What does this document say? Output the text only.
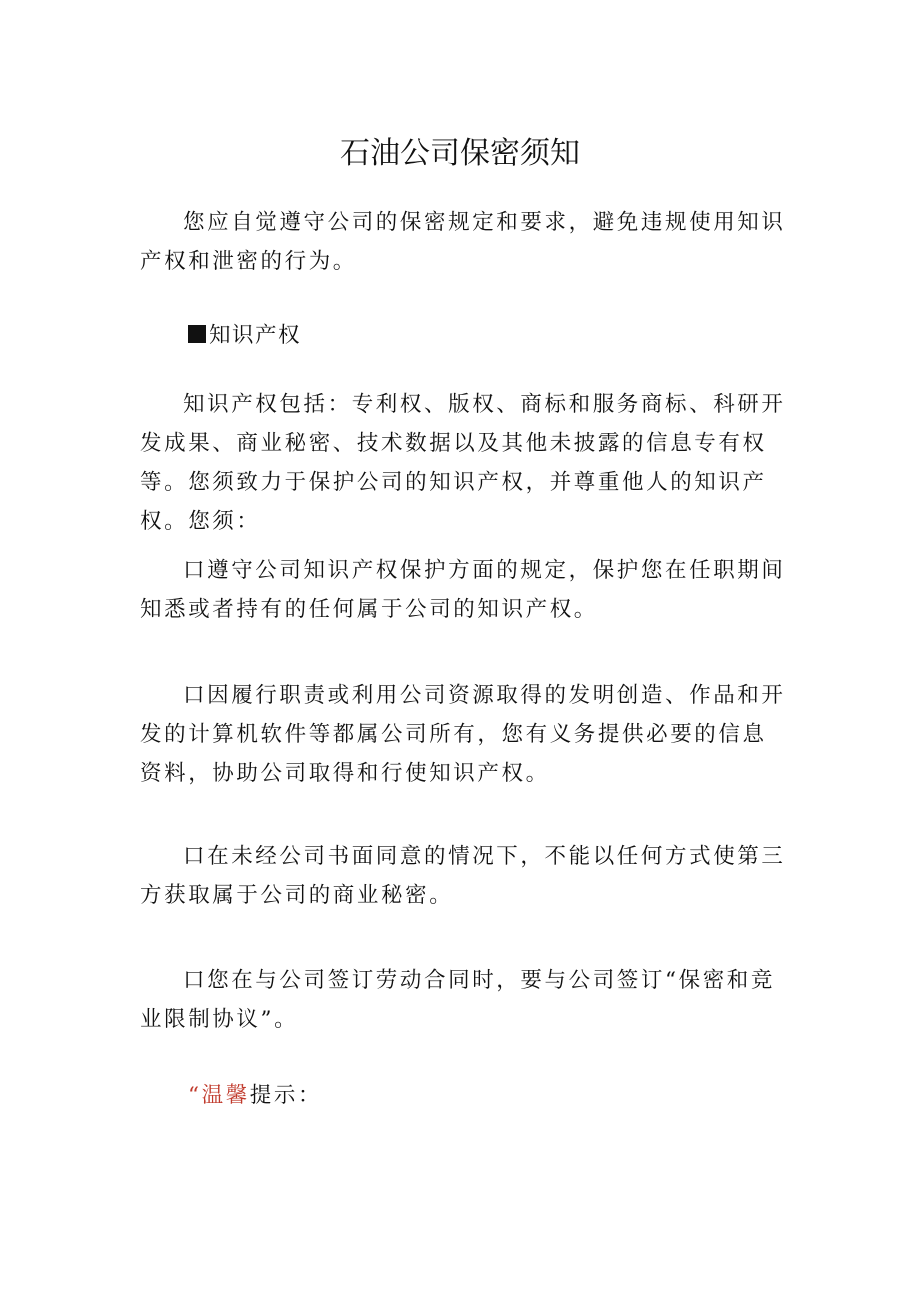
石油公司保密须知

您应自觉遵守公司的保密规定和要求，避免违规使用知识产权和泄密的行为。

知识产权

知识产权包括：专利权、版权、商标和服务商标、科研开发成果、商业秘密、技术数据以及其他未披露的信息专有权等。您须致力于保护公司的知识产权，并尊重他人的知识产权。您须：

口遵守公司知识产权保护方面的规定，保护您在任职期间知悉或者持有的任何属于公司的知识产权。

口因履行职责或利用公司资源取得的发明创造、作品和开发的计算机软件等都属公司所有，您有义务提供必要的信息资料，协助公司取得和行使知识产权。

口在未经公司书面同意的情况下，不能以任何方式使第三方获取属于公司的商业秘密。

口您在与公司签订劳动合同时，要与公司签订“保密和竞业限制协议”。

“温馨提示：
